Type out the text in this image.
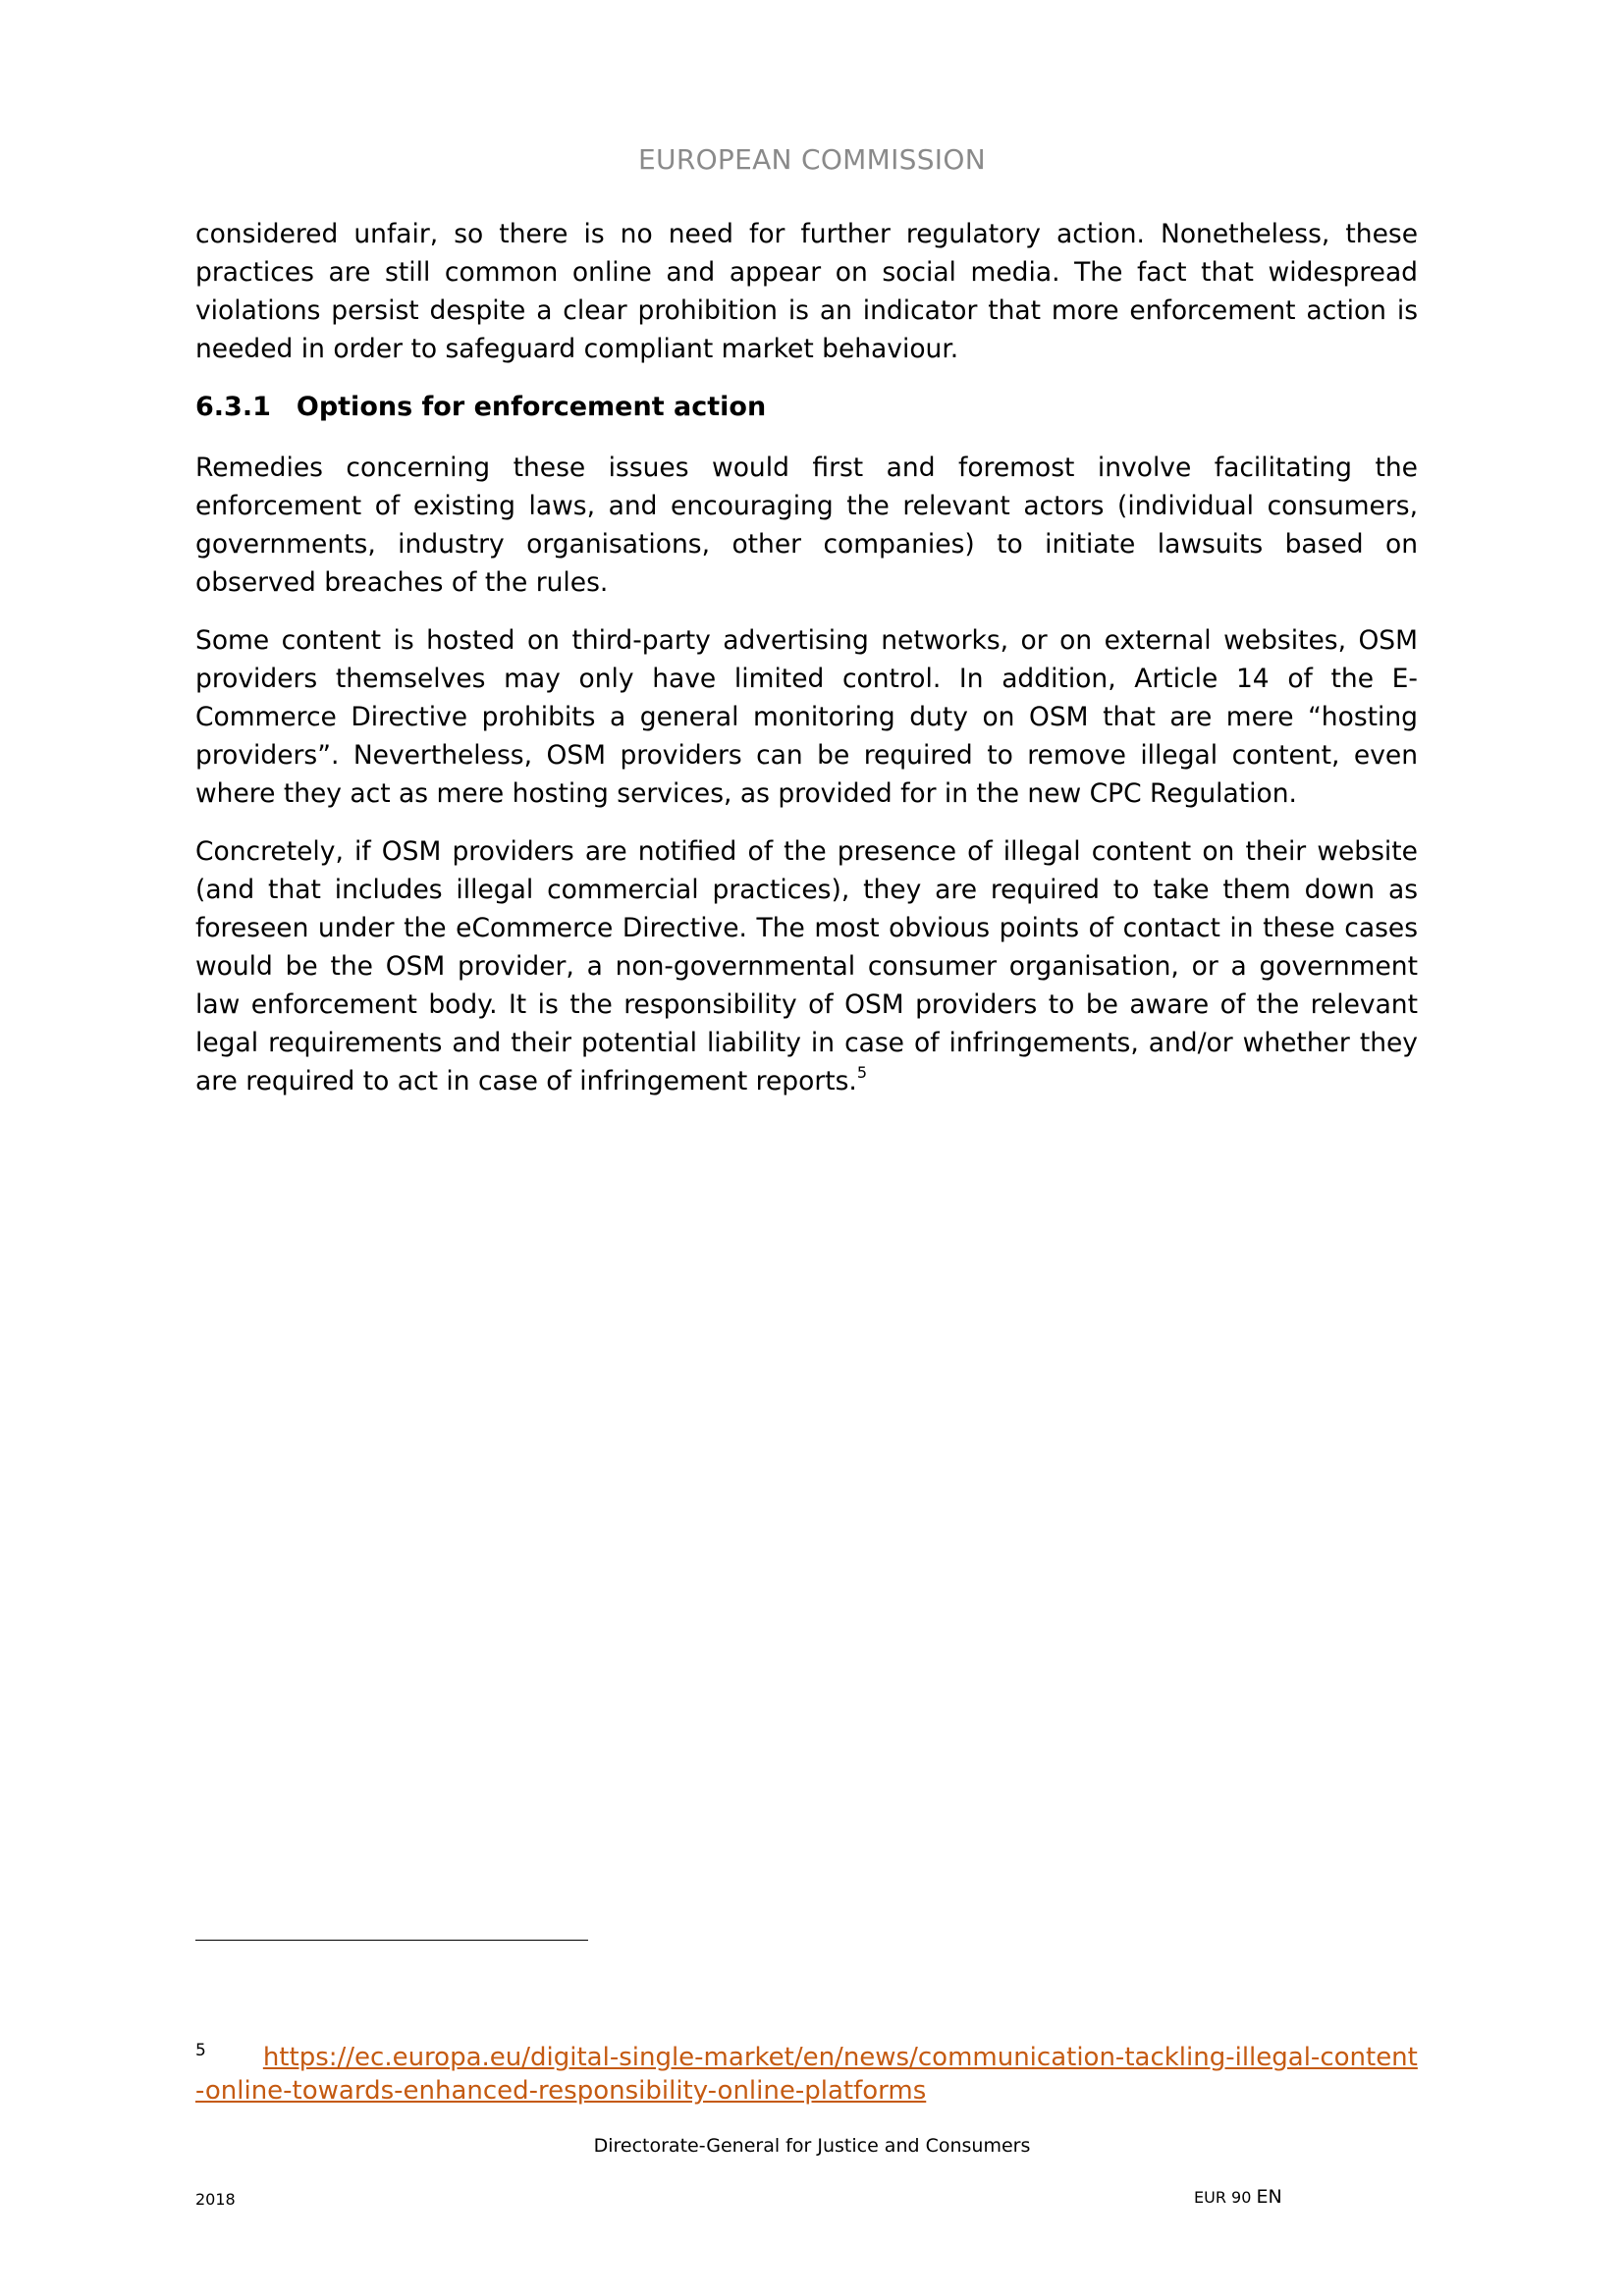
EUROPEAN COMMISSION

considered unfair, so there is no need for further regulatory action. Nonetheless, these practices are still common online and appear on social media. The fact that widespread violations persist despite a clear prohibition is an indicator that more enforcement action is needed in order to safeguard compliant market behaviour.

6.3.1 Options for enforcement action

Remedies concerning these issues would first and foremost involve facilitating the enforcement of existing laws, and encouraging the relevant actors (individual consumers, governments, industry organisations, other companies) to initiate lawsuits based on observed breaches of the rules.

Some content is hosted on third-party advertising networks, or on external websites, OSM providers themselves may only have limited control. In addition, Article 14 of the E-Commerce Directive prohibits a general monitoring duty on OSM that are mere “hosting providers”. Nevertheless, OSM providers can be required to remove illegal content, even where they act as mere hosting services, as provided for in the new CPC Regulation.

Concretely, if OSM providers are notified of the presence of illegal content on their website (and that includes illegal commercial practices), they are required to take them down as foreseen under the eCommerce Directive. The most obvious points of contact in these cases would be the OSM provider, a non-governmental consumer organisation, or a government law enforcement body. It is the responsibility of OSM providers to be aware of the relevant legal requirements and their potential liability in case of infringements, and/or whether they are required to act in case of infringement reports.$^5$

$^5$ https://ec.europa.eu/digital-single-market/en/news/communication-tackling-illegal-content-online-towards-enhanced-responsibility-online-platforms
Directorate-General for Justice and Consumers
2018	EUR 90 EN
